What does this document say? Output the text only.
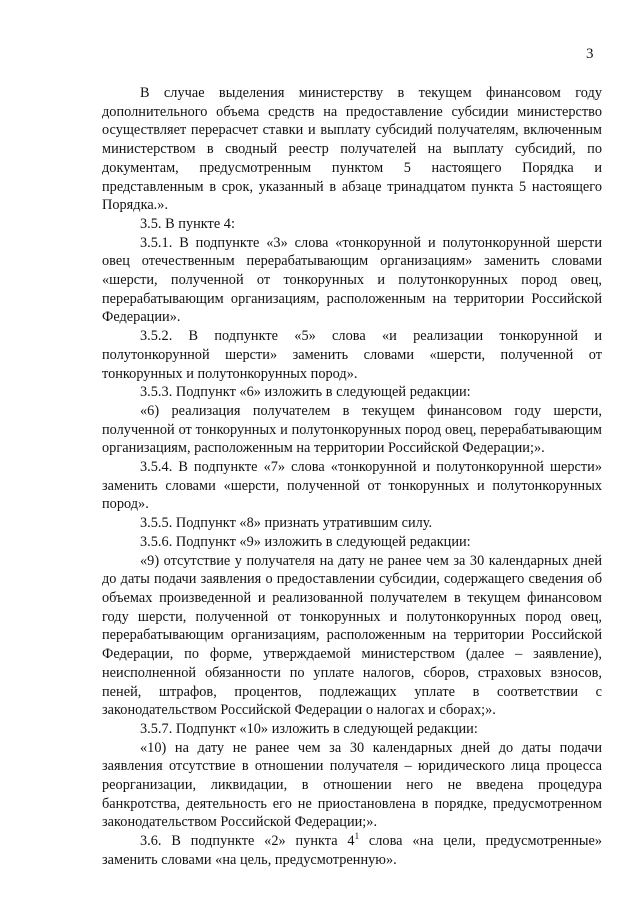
3

В случае выделения министерству в текущем финансовом году дополнительного объема средств на предоставление субсидии министерство осуществляет перерасчет ставки и выплату субсидий получателям, включенным министерством в сводный реестр получателей на выплату субсидий, по документам, предусмотренным пунктом 5 настоящего Порядка и представленным в срок, указанный в абзаце тринадцатом пункта 5 настоящего Порядка.».

3.5. В пункте 4:

3.5.1. В подпункте «3» слова «тонкорунной и полутонкорунной шерсти овец отечественным перерабатывающим организациям» заменить словами «шерсти, полученной от тонкорунных и полутонкорунных пород овец, перерабатывающим организациям, расположенным на территории Российской Федерации».

3.5.2. В подпункте «5» слова «и реализации тонкорунной и полутонкорунной шерсти» заменить словами «шерсти, полученной от тонкорунных и полутонкорунных пород».

3.5.3. Подпункт «6» изложить в следующей редакции:

«6) реализация получателем в текущем финансовом году шерсти, полученной от тонкорунных и полутонкорунных пород овец, перерабатывающим организациям, расположенным на территории Российской Федерации;».

3.5.4. В подпункте «7» слова «тонкорунной и полутонкорунной шерсти» заменить словами «шерсти, полученной от тонкорунных и полутонкорунных пород».

3.5.5. Подпункт «8» признать утратившим силу.

3.5.6. Подпункт «9» изложить в следующей редакции:

«9) отсутствие у получателя на дату не ранее чем за 30 календарных дней до даты подачи заявления о предоставлении субсидии, содержащего сведения об объемах произведенной и реализованной получателем в текущем финансовом году шерсти, полученной от тонкорунных и полутонкорунных пород овец, перерабатывающим организациям, расположенным на территории Российской Федерации, по форме, утверждаемой министерством (далее – заявление), неисполненной обязанности по уплате налогов, сборов, страховых взносов, пеней, штрафов, процентов, подлежащих уплате в соответствии с законодательством Российской Федерации о налогах и сборах;».

3.5.7. Подпункт «10» изложить в следующей редакции:

«10) на дату не ранее чем за 30 календарных дней до даты подачи заявления отсутствие в отношении получателя – юридического лица процесса реорганизации, ликвидации, в отношении него не введена процедура банкротства, деятельность его не приостановлена в порядке, предусмотренном законодательством Российской Федерации;».

3.6. В подпункте «2» пункта $4^1$ слова «на цели, предусмотренные» заменить словами «на цель, предусмотренную».
